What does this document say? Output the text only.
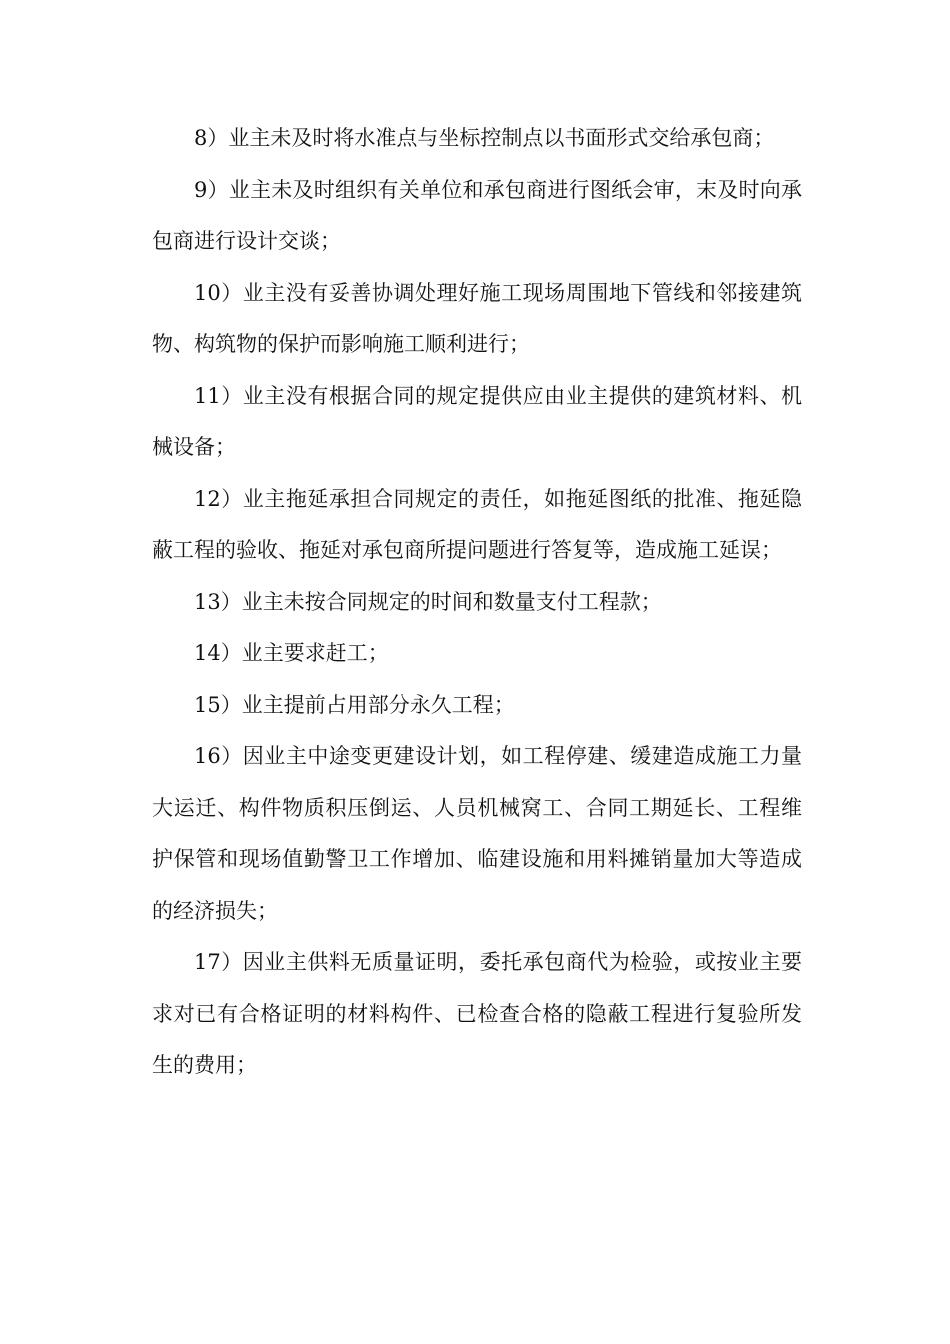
8）业主未及时将水准点与坐标控制点以书面形式交给承包商；

9）业主未及时组织有关单位和承包商进行图纸会审，末及时向承包商进行设计交谈；

10）业主没有妥善协调处理好施工现场周围地下管线和邻接建筑物、构筑物的保护而影响施工顺利进行；

11）业主没有根据合同的规定提供应由业主提供的建筑材料、机械设备；

12）业主拖延承担合同规定的责任，如拖延图纸的批准、拖延隐蔽工程的验收、拖延对承包商所提问题进行答复等，造成施工延误；

13）业主未按合同规定的时间和数量支付工程款；

14）业主要求赶工；

15）业主提前占用部分永久工程；

16）因业主中途变更建设计划，如工程停建、缓建造成施工力量大运迁、构件物质积压倒运、人员机械窝工、合同工期延长、工程维护保管和现场值勤警卫工作增加、临建设施和用料摊销量加大等造成的经济损失；

17）因业主供料无质量证明，委托承包商代为检验，或按业主要求对已有合格证明的材料构件、已检查合格的隐蔽工程进行复验所发生的费用；
